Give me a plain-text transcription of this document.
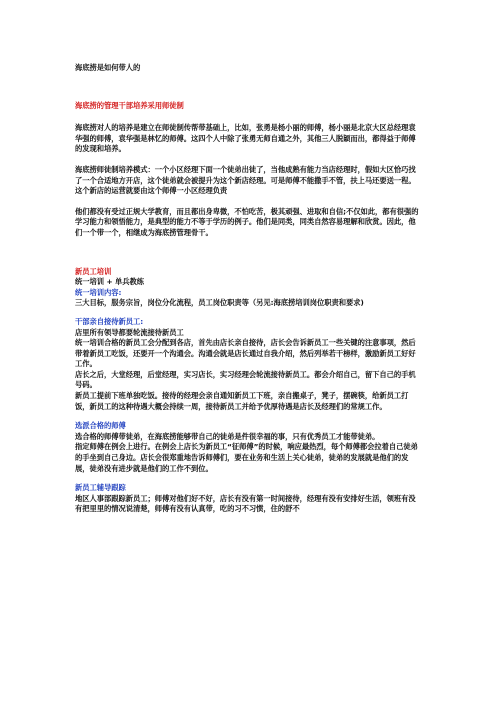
海底捞是如何带人的

海底捞的管理干部培养采用师徒制

海底捞对人的培养是建立在师徒制传帮带基础上，比如，张勇是杨小丽的师傅，杨小丽是北京大区总经理袁华强的师傅，袁华强是林忆的师傅。这四个人中除了张勇无师自通之外，其他三人脱颖而出，都得益于师傅的发现和培养。

海底捞师徒制培养模式：一个小区经理下面一个徒弟出徒了，当他成熟有能力当店经理时，假如大区恰巧找了一个合适地方开店，这个徒弟就会被提升为这个新店经理。可是师傅不能撒手不管，扶上马还要送一程。这个新店的运营就要由这个师傅一小区经理负责

他们都没有受过正规大学教育，而且都出身卑微，不怕吃苦，极其顽强、进取和自信;不仅如此，都有很强的学习能力和领悟能力，是典型的能力不等于学历的例子。他们是同类，同类自然容易理解和欣赏。因此，他们一个带一个，相继成为海底捞管理骨干。

新员工培训

统一培训 + 单兵教练

统一培训内容:

三大目标，服务宗旨，岗位分化流程，员工岗位职责等（另见:海底捞培训岗位职责和要求)

干部亲自接待新员工:

店里所有领导都要轮流接待新员工

统一培训合格的新员工会分配到各店，首先由店长亲自接待，店长会告诉新员工一些关键的注意事项，然后带着新员工吃饭，还要开一个沟通会。沟通会就是店长通过自我介绍，然后列举若干榜样，激励新员工好好工作。

店长之后，大堂经理，后堂经理，实习店长，实习经理会轮流接待新员工。都会介绍自己，留下自己的手机号码。

新员工提前下班单独吃饭。接待的经理会亲自通知新员工下班，亲自搬桌子，凳子，摆碗筷，给新员工打饭，新员工的这种待遇大概会持续一周，接待新员工并给予优厚待遇是店长及经理们的常规工作。

选派合格的师傅

选合格的师傅带徒弟，在海底捞能够带自己的徒弟是件很幸福的事，只有优秀员工才能带徒弟。

指定师傅在例会上进行。在例会上店长为新员工“征师傅”的时候，响应最热烈，每个师傅都会拉着自己徒弟的手坐到自己身边。店长会很郑重地告诉师傅们，要在业务和生活上关心徒弟，徒弟的发展就是他们的发展，徒弟没有进步就是他们的工作不到位。

新员工辅导跟踪

地区人事部跟踪新员工；师傅对他们好不好，店长有没有第一时间接待，经理有没有安排好生活，领班有没有把里里的情况说清楚，师傅有没有认真带，吃的习不习惯，住的舒不
